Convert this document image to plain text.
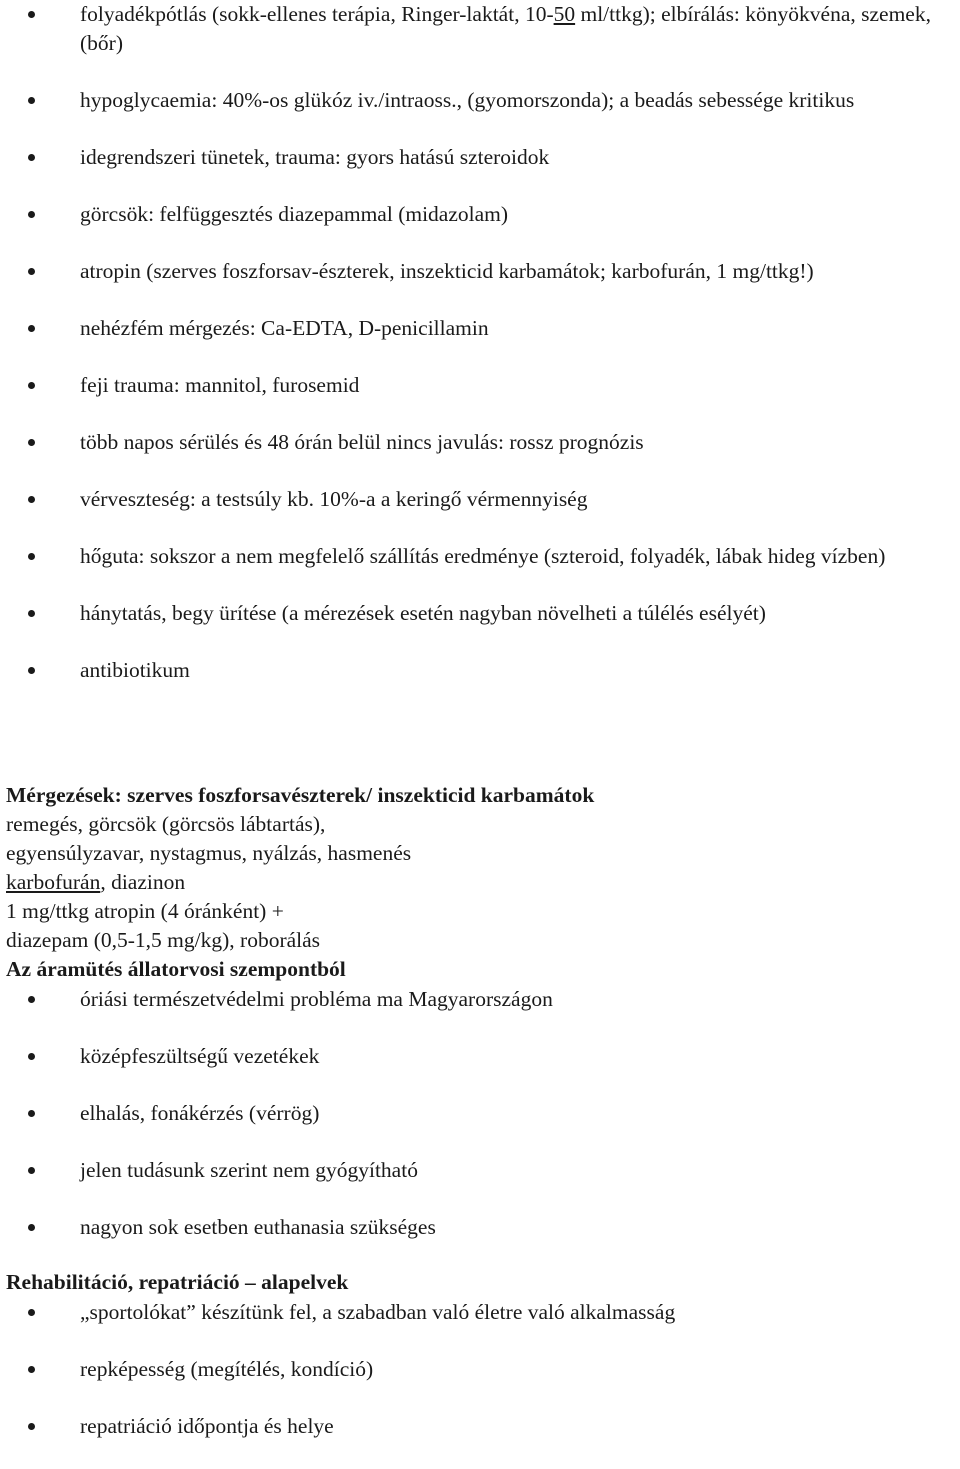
folyadékpótlás (sokk-ellenes terápia, Ringer-laktát, 10-50 ml/ttkg); elbírálás: könyökvéna, szemek, (bőr)
hypoglycaemia: 40%-os glükóz iv./intraoss., (gyomorszonda); a beadás sebessége kritikus
idegrendszeri tünetek, trauma: gyors hatású szteroidok
görcsök: felfüggesztés diazepammal (midazolam)
atropin (szerves foszforsav-észterek, inszekticid karbamátok; karbofurán, 1 mg/ttkg!)
nehézfém mérgezés: Ca-EDTA, D-penicillamin
feji trauma: mannitol, furosemid
több napos sérülés és 48 órán belül nincs javulás: rossz prognózis
vérveszteség: a testsúly kb. 10%-a a keringő vérmennyiség
hőguta: sokszor a nem megfelelő szállítás eredménye (szteroid, folyadék, lábak hideg vízben)
hánytatás, begy ürítése (a mérezések esetén nagyban növelheti a túlélés esélyét)
antibiotikum
Mérgezések: szerves foszforsavészterek/ inszekticid karbamátok
remegés, görcsök (görcsös lábtartás),
egyensúlyzavar, nystagmus, nyálzás, hasmenés
karbofurán, diazinon
1 mg/ttkg atropin (4 óránként) +
diazepam (0,5-1,5 mg/kg), roborálás
Az áramütés állatorvosi szempontból
óriási természetvédelmi probléma ma Magyarországon
középfeszültségű vezetékek
elhalás, fonákérzés (vérrög)
jelen tudásunk szerint nem gyógyítható
nagyon sok esetben euthanasia szükséges
Rehabilitáció, repatriáció – alapelvek
„sportolókat” készítünk fel, a szabadban való életre való alkalmasság
repképesség (megítélés, kondíció)
repatriáció időpontja és helye
